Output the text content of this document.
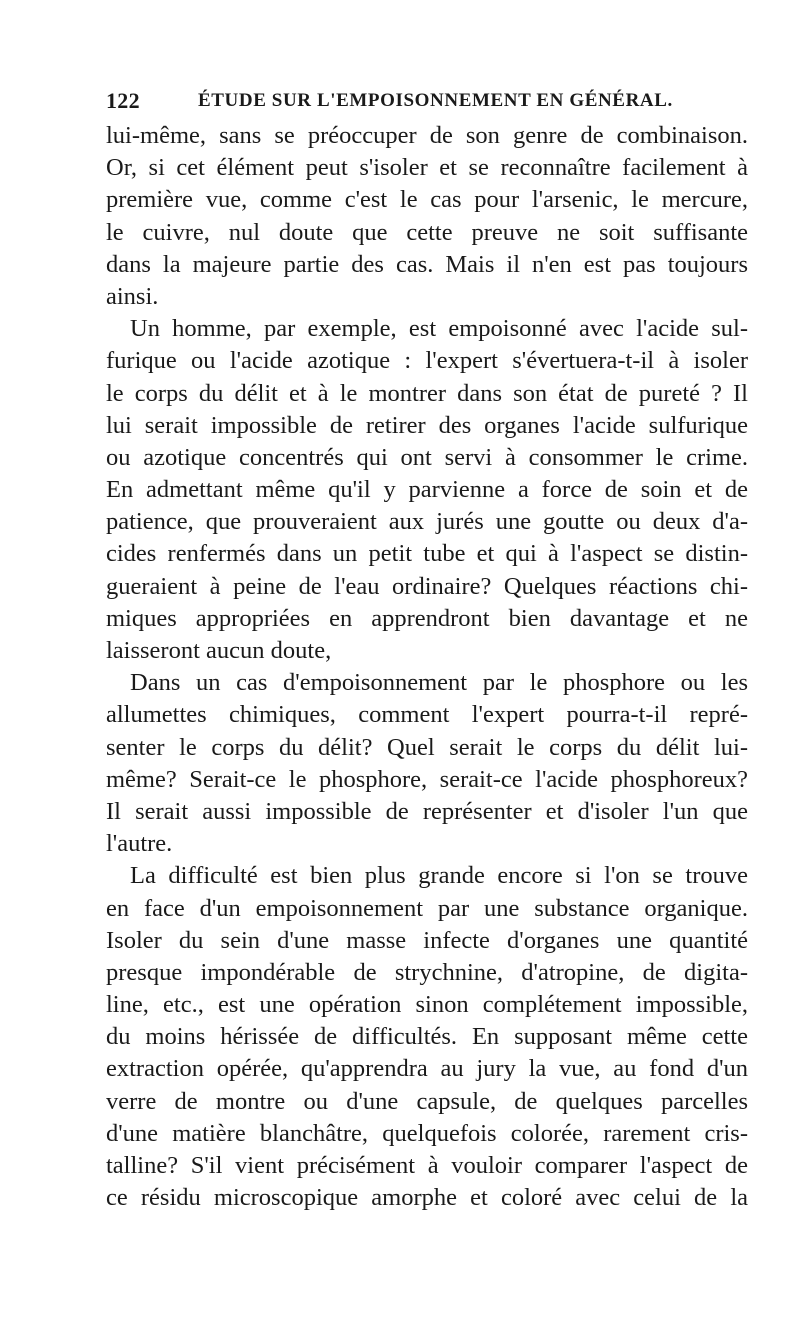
122	ÉTUDE SUR L'EMPOISONNEMENT EN GÉNÉRAL.
lui-même, sans se préoccuper de son genre de combinaison.
Or, si cet élément peut s'isoler et se reconnaître facilement à
première vue, comme c'est le cas pour l'arsenic, le mercure,
le cuivre, nul doute que cette preuve ne soit suffisante
dans la majeure partie des cas. Mais il n'en est pas toujours
ainsi.
Un homme, par exemple, est empoisonné avec l'acide sul-
furique ou l'acide azotique : l'expert s'évertuera-t-il à isoler
le corps du délit et à le montrer dans son état de pureté ? Il
lui serait impossible de retirer des organes l'acide sulfurique
ou azotique concentrés qui ont servi à consommer le crime.
En admettant même qu'il y parvienne a force de soin et de
patience, que prouveraient aux jurés une goutte ou deux d'a-
cides renfermés dans un petit tube et qui à l'aspect se distin-
gueraient à peine de l'eau ordinaire? Quelques réactions chi-
miques appropriées en apprendront bien davantage et ne
laisseront aucun doute,
Dans un cas d'empoisonnement par le phosphore ou les
allumettes chimiques, comment l'expert pourra-t-il repré-
senter le corps du délit? Quel serait le corps du délit lui-
même? Serait-ce le phosphore, serait-ce l'acide phosphoreux?
Il serait aussi impossible de représenter et d'isoler l'un que
l'autre.
La difficulté est bien plus grande encore si l'on se trouve
en face d'un empoisonnement par une substance organique.
Isoler du sein d'une masse infecte d'organes une quantité
presque impondérable de strychnine, d'atropine, de digita-
line, etc., est une opération sinon complétement impossible,
du moins hérissée de difficultés. En supposant même cette
extraction opérée, qu'apprendra au jury la vue, au fond d'un
verre de montre ou d'une capsule, de quelques parcelles
d'une matière blanchâtre, quelquefois colorée, rarement cris-
talline? S'il vient précisément à vouloir comparer l'aspect de
ce résidu microscopique amorphe et coloré avec celui de la
